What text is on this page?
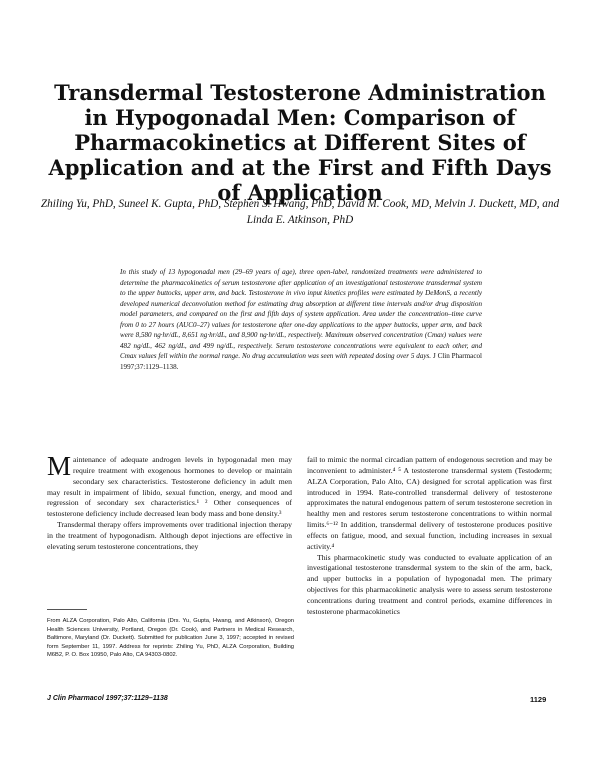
Transdermal Testosterone Administration in Hypogonadal Men: Comparison of Pharmacokinetics at Different Sites of Application and at the First and Fifth Days of Application
Zhiling Yu, PhD, Suneel K. Gupta, PhD, Stephen S. Hwang, PhD, David M. Cook, MD, Melvin J. Duckett, MD, and Linda E. Atkinson, PhD
In this study of 13 hypogonadal men (29–69 years of age), three open-label, randomized treatments were administered to determine the pharmacokinetics of serum testosterone after application of an investigational testosterone transdermal system to the upper buttocks, upper arm, and back. Testosterone in vivo input kinetics profiles were estimated by DeMonS, a recently developed numerical deconvolution method for estimating drug absorption at different time intervals and/or drug disposition model parameters, and compared on the first and fifth days of system application. Area under the concentration–time curve from 0 to 27 hours (AUC0–27) values for testosterone after one-day applications to the upper buttocks, upper arm, and back were 8,580 ng·hr/dL, 8,651 ng·hr/dL, and 8,900 ng·hr/dL, respectively. Maximum observed concentration (Cmax) values were 482 ng/dL, 462 ng/dL, and 499 ng/dL, respectively. Serum testosterone concentrations were equivalent to each other, and Cmax values fell within the normal range. No drug accumulation was seen with repeated dosing over 5 days. J Clin Pharmacol 1997;37:1129–1138.

Maintenance of adequate androgen levels in hypogonadal men may require treatment with exogenous hormones to develop or maintain secondary sex characteristics. Testosterone deficiency in adult men may result in impairment of libido, sexual function, energy, and mood and regression of secondary sex characteristics.¹ ² Other consequences of testosterone deficiency include decreased lean body mass and bone density.³

Transdermal therapy offers improvements over traditional injection therapy in the treatment of hypogonadism. Although depot injections are effective in elevating serum testosterone concentrations, they

fail to mimic the normal circadian pattern of endogenous secretion and may be inconvenient to administer.⁴ ⁵ A testosterone transdermal system (Testoderm; ALZA Corporation, Palo Alto, CA) designed for scrotal application was first introduced in 1994. Rate-controlled transdermal delivery of testosterone approximates the natural endogenous pattern of serum testosterone secretion in healthy men and restores serum testosterone concentrations to within normal limits.⁶⁻¹² In addition, transdermal delivery of testosterone produces positive effects on fatigue, mood, and sexual function, including increases in sexual activity.⁴

This pharmacokinetic study was conducted to evaluate application of an investigational testosterone transdermal system to the skin of the arm, back, and upper buttocks in a population of hypogonadal men. The primary objectives for this pharmacokinetic analysis were to assess serum testosterone concentrations during treatment and control periods, examine differences in testosterone pharmacokinetics

From ALZA Corporation, Palo Alto, California (Drs. Yu, Gupta, Hwang, and Atkinson), Oregon Health Sciences University, Portland, Oregon (Dr. Cook), and Partners in Medical Research, Baltimore, Maryland (Dr. Duckett). Submitted for publication June 3, 1997; accepted in revised form September 11, 1997. Address for reprints: Zhiling Yu, PhD, ALZA Corporation, Building M6B2, P. O. Box 10950, Palo Alto, CA 94303-0802.
J Clin Pharmacol 1997;37:1129–1138	1129
